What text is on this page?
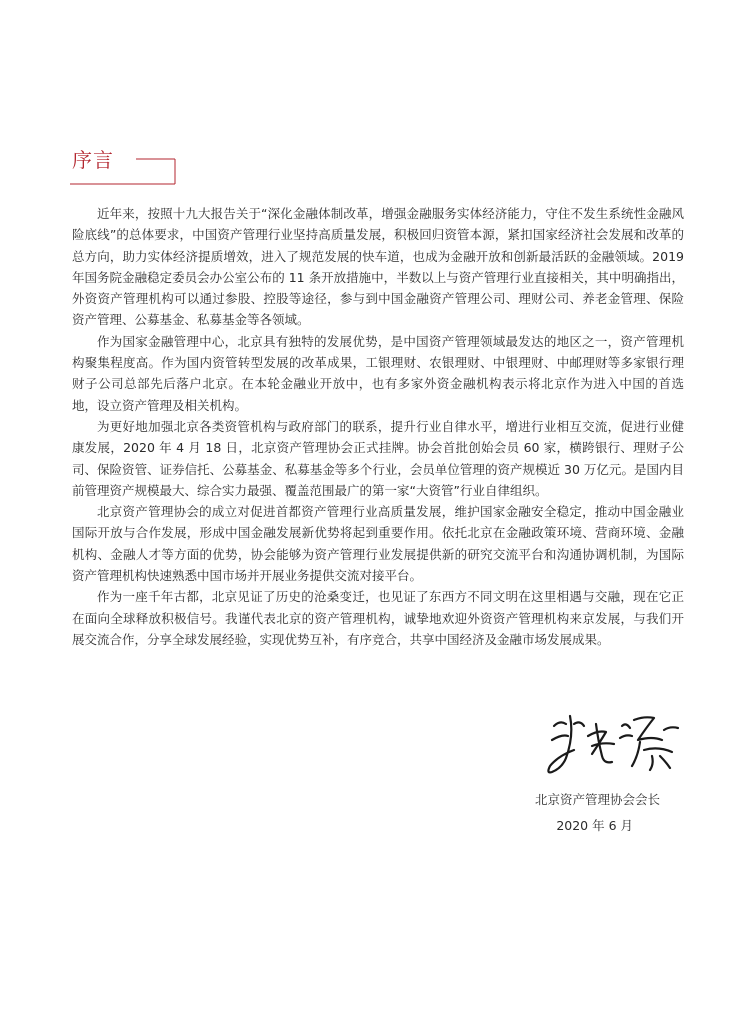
序言

近年来，按照十九大报告关于“深化金融体制改革，增强金融服务实体经济能力，守住不发生系统性金融风险底线”的总体要求，中国资产管理行业坚持高质量发展，积极回归资管本源，紧扣国家经济社会发展和改革的总方向，助力实体经济提质增效，进入了规范发展的快车道，也成为金融开放和创新最活跃的金融领域。2019 年国务院金融稳定委员会办公室公布的 11 条开放措施中，半数以上与资产管理行业直接相关，其中明确指出，外资资产管理机构可以通过参股、控股等途径，参与到中国金融资产管理公司、理财公司、养老金管理、保险资产管理、公募基金、私募基金等各领域。

作为国家金融管理中心，北京具有独特的发展优势，是中国资产管理领域最发达的地区之一，资产管理机构聚集程度高。作为国内资管转型发展的改革成果，工银理财、农银理财、中银理财、中邮理财等多家银行理财子公司总部先后落户北京。在本轮金融业开放中，也有多家外资金融机构表示将北京作为进入中国的首选地，设立资产管理及相关机构。

为更好地加强北京各类资管机构与政府部门的联系，提升行业自律水平，增进行业相互交流，促进行业健康发展，2020 年 4 月 18 日，北京资产管理协会正式挂牌。协会首批创始会员 60 家，横跨银行、理财子公司、保险资管、证券信托、公募基金、私募基金等多个行业，会员单位管理的资产规模近 30 万亿元。是国内目前管理资产规模最大、综合实力最强、覆盖范围最广的第一家“大资管”行业自律组织。

北京资产管理协会的成立对促进首都资产管理行业高质量发展，维护国家金融安全稳定，推动中国金融业国际开放与合作发展，形成中国金融发展新优势将起到重要作用。依托北京在金融政策环境、营商环境、金融机构、金融人才等方面的优势，协会能够为资产管理行业发展提供新的研究交流平台和沟通协调机制，为国际资产管理机构快速熟悉中国市场并开展业务提供交流对接平台。

作为一座千年古都，北京见证了历史的沧桑变迁，也见证了东西方不同文明在这里相遇与交融，现在它正在面向全球释放积极信号。我谨代表北京的资产管理机构，诚挚地欢迎外资资产管理机构来京发展，与我们开展交流合作，分享全球发展经验，实现优势互补，有序竞合，共享中国经济及金融市场发展成果。

北京资产管理协会会长
2020 年 6 月
